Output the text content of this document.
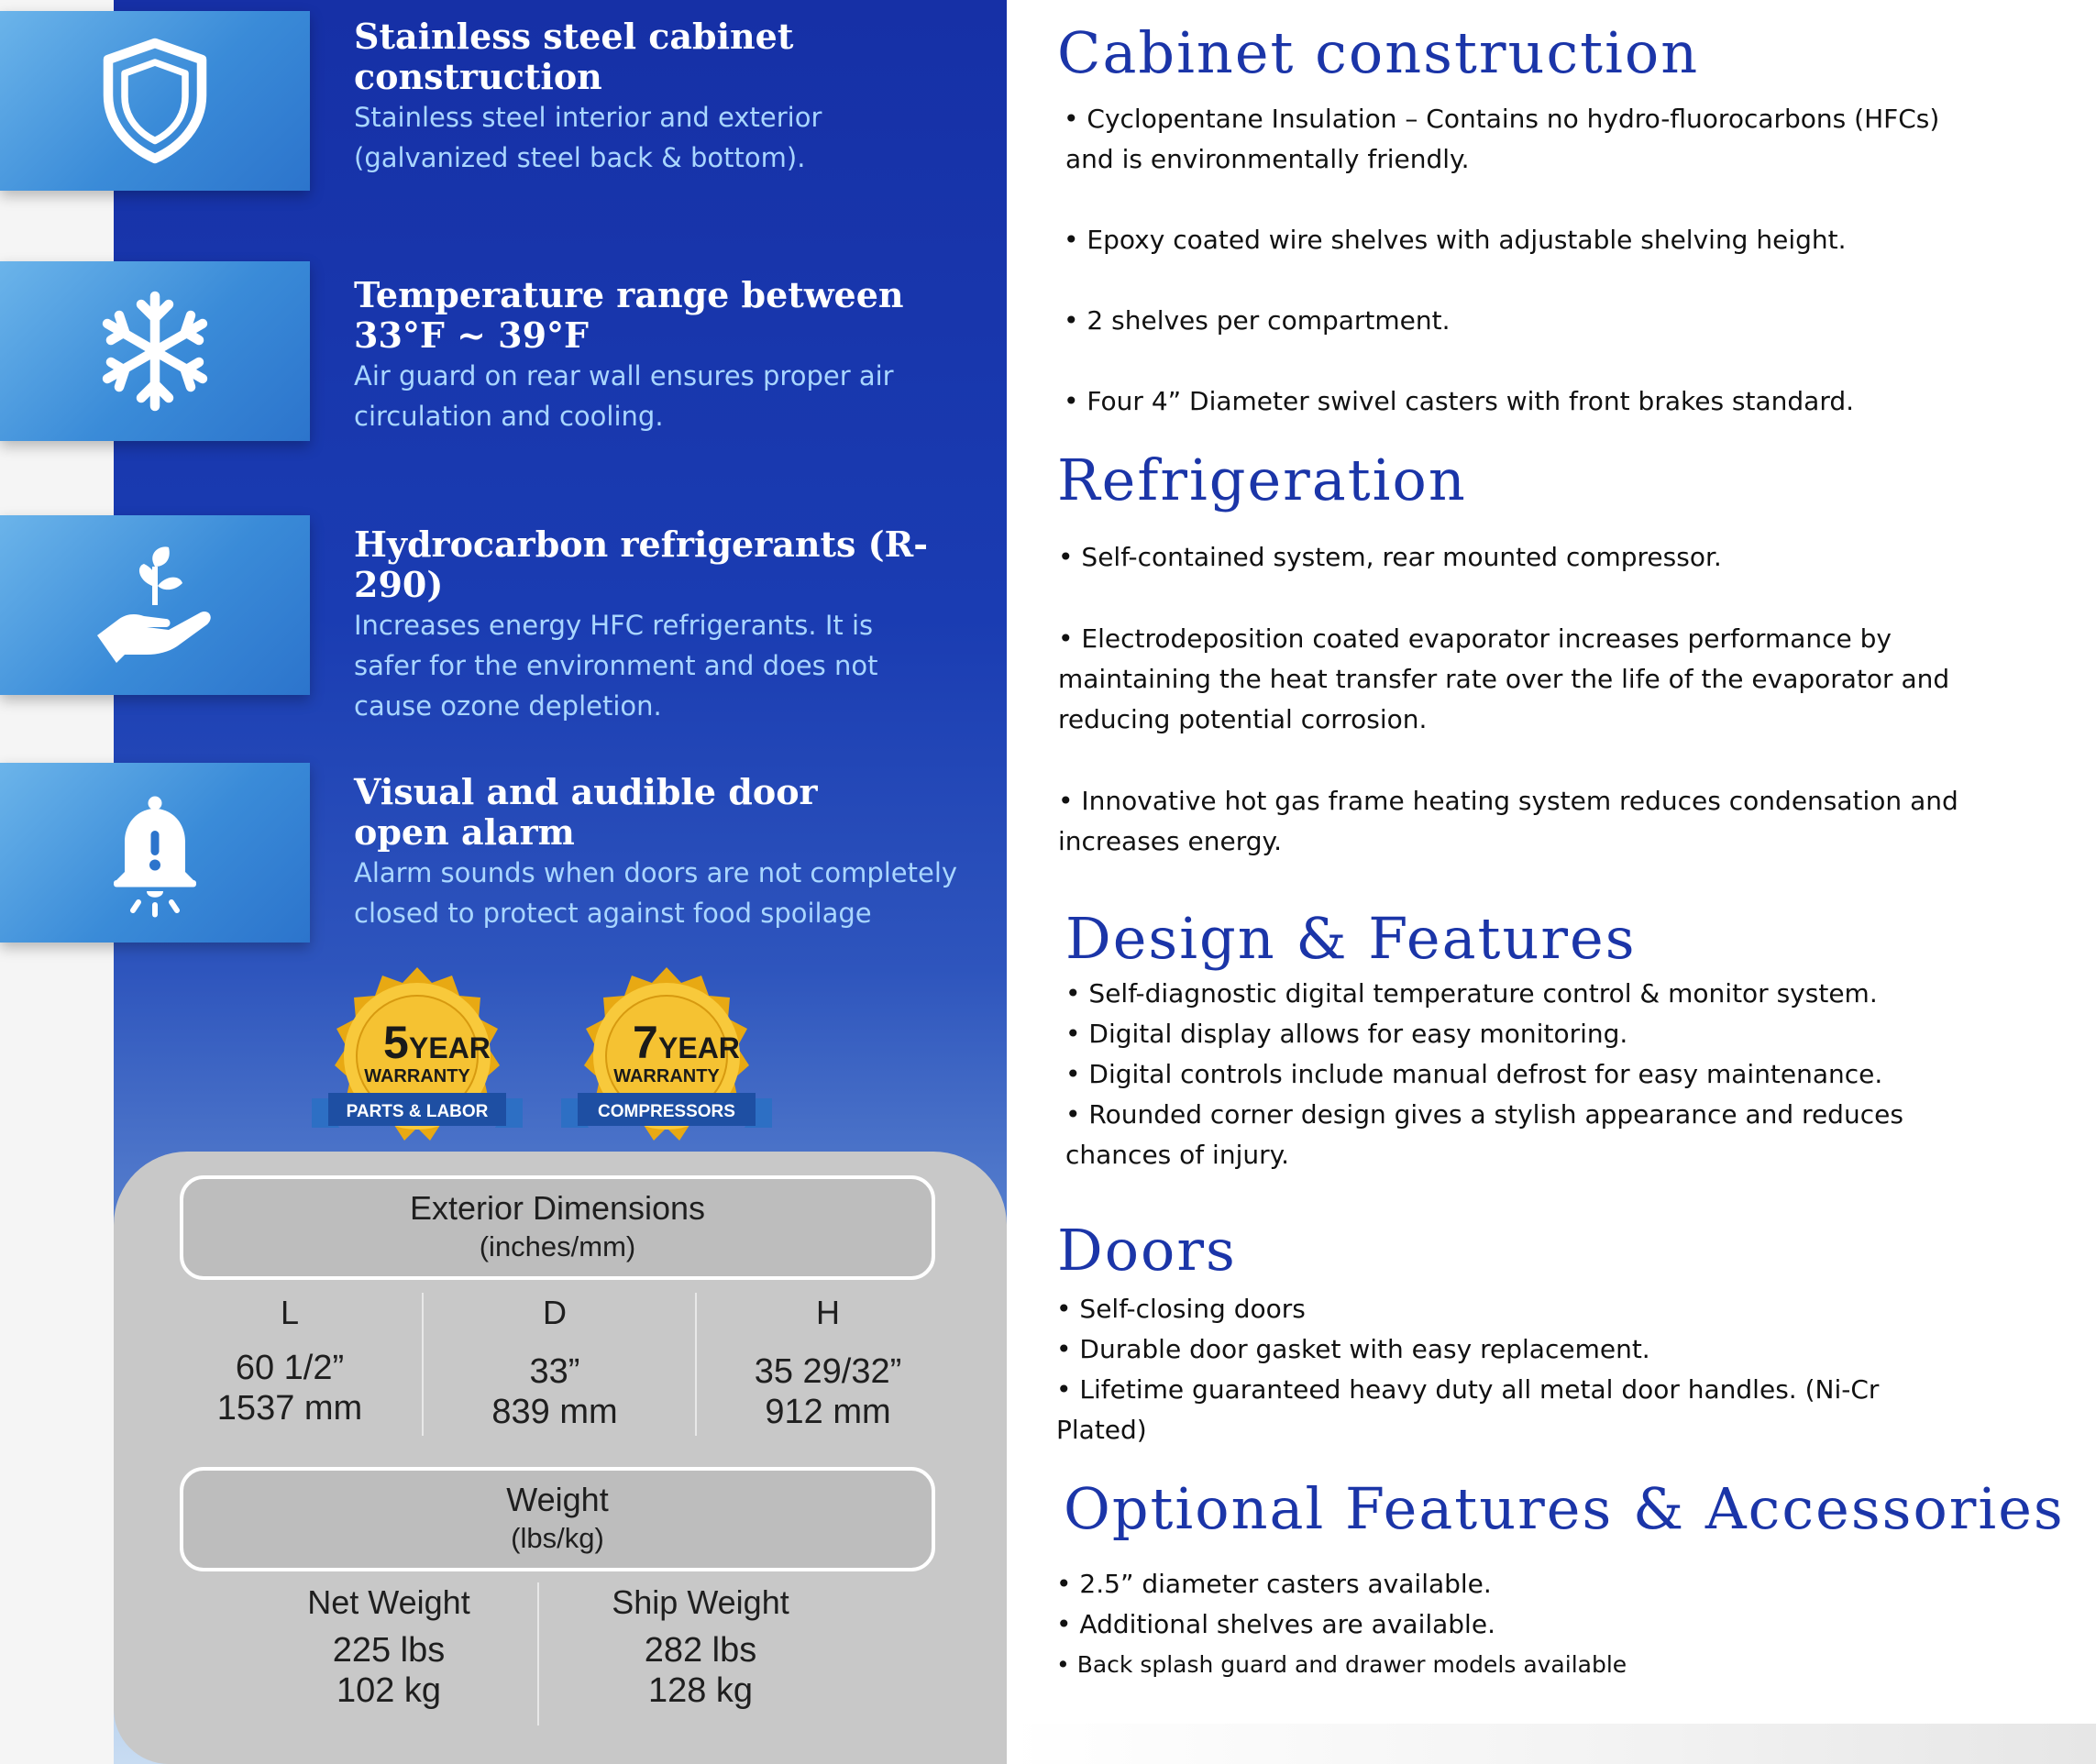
Stainless steel cabinet

construction

Stainless steel interior and exterior

(galvanized steel back & bottom).

Temperature range between

33°F ~ 39°F

Air guard on rear wall ensures proper air

circulation and cooling.

Hydrocarbon refrigerants (R-290)

Increases energy HFC refrigerants. It is

safer for the environment and does not

cause ozone depletion.

Visual and audible door

open alarm

Alarm sounds when doors are not completely

closed to protect against food spoilage

5 YEAR
WARRANTY
PARTS & LABOR
7 YEAR
WARRANTY
COMPRESSORS
Exterior Dimensions
(inches/mm)
L
60 1/2”
1537 mm
D
33”
839 mm
H
35 29/32”
912 mm
Weight
(lbs/kg)
Net Weight
225 lbs
102 kg
Ship Weight
282 lbs
128 kg
Cabinet construction

• Cyclopentane Insulation – Contains no hydro-fluorocarbons (HFCs)

and is environmentally friendly.

• Epoxy coated wire shelves with adjustable shelving height.

• 2 shelves per compartment.

• Four 4” Diameter swivel casters with front brakes standard.

Refrigeration

• Self-contained system, rear mounted compressor.

• Electrodeposition coated evaporator increases performance by

maintaining the heat transfer rate over the life of the evaporator and

reducing potential corrosion.

• Innovative hot gas frame heating system reduces condensation and

increases energy.

Design & Features

• Self-diagnostic digital temperature control & monitor system.

• Digital display allows for easy monitoring.

• Digital controls include manual defrost for easy maintenance.

• Rounded corner design gives a stylish appearance and reduces

chances of injury.

Doors

• Self-closing doors

• Durable door gasket with easy replacement.

• Lifetime guaranteed heavy duty all metal door handles. (Ni-Cr

Plated)

Optional Features & Accessories

• 2.5” diameter casters available.

• Additional shelves are available.

• Back splash guard and drawer models available
